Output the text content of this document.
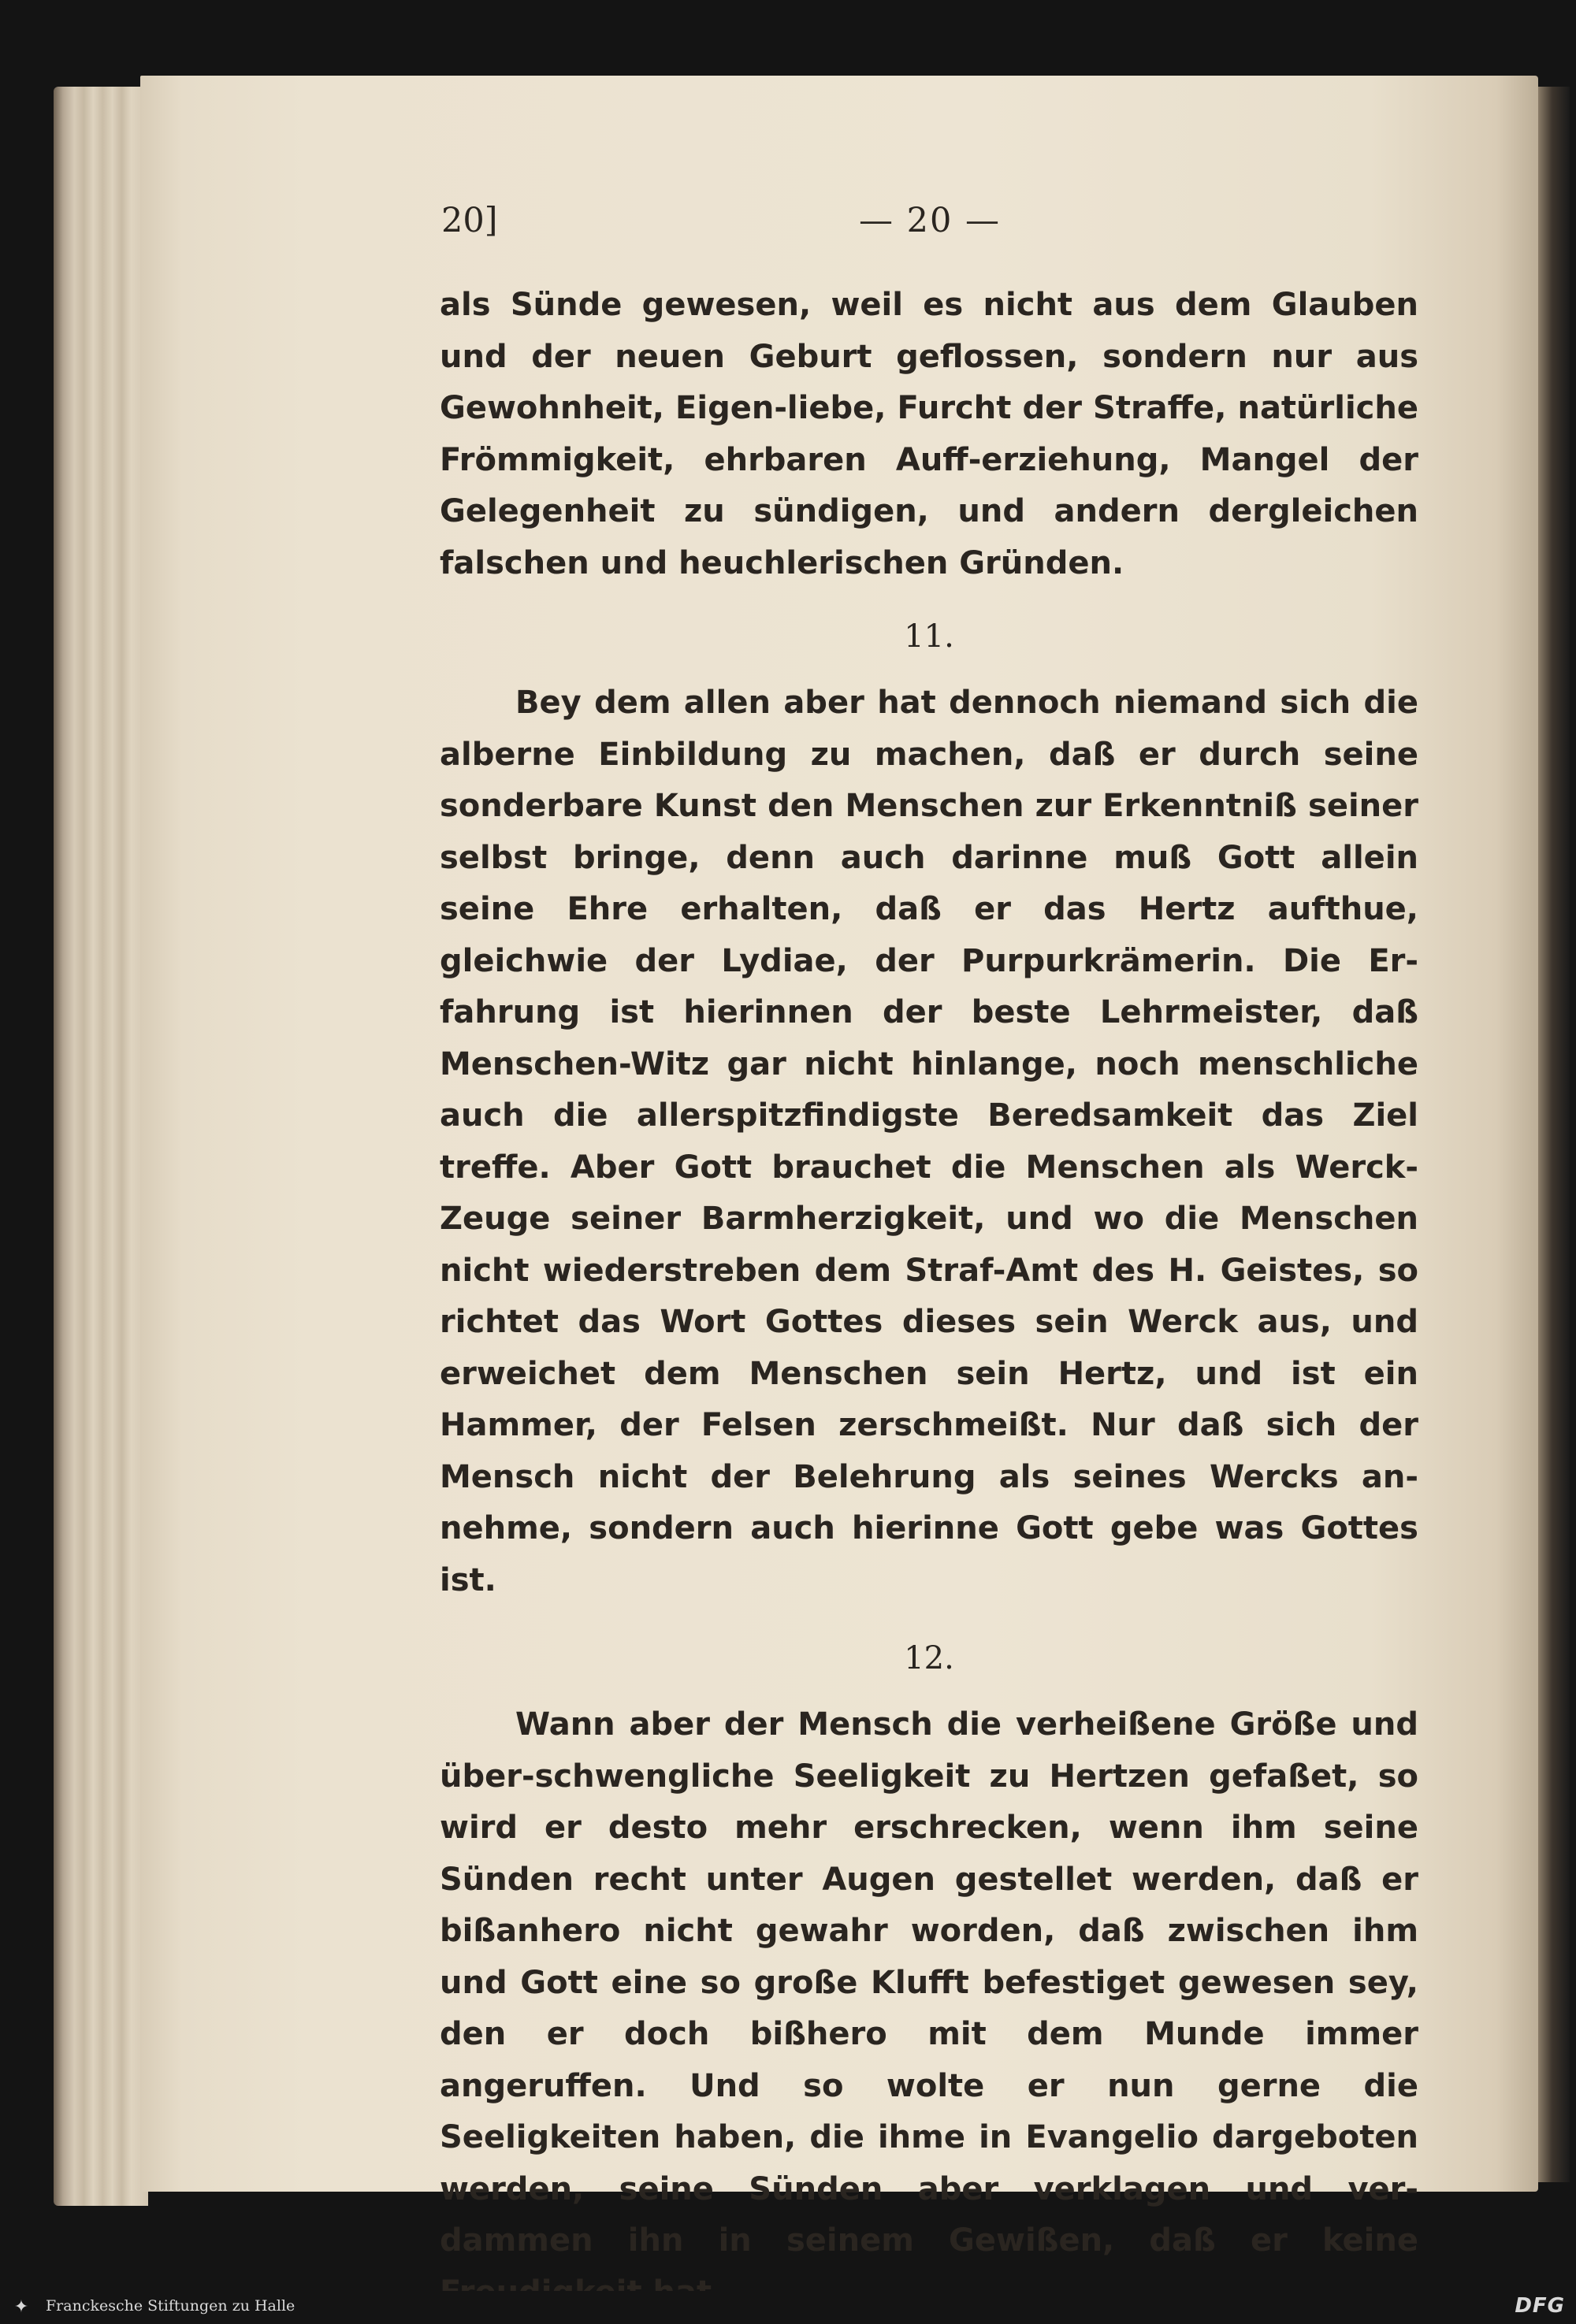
20]	— 20 —

als Sünde gewesen, weil es nicht aus dem Glauben und der neuen Geburt geflossen, sondern nur aus Gewohnheit, Eigen-liebe, Furcht der Straffe, natürliche Frömmigkeit, ehrbaren Auff-erziehung, Mangel der Gelegenheit zu sündigen, und andern dergleichen falschen und heuchlerischen Gründen.

11.

Bey dem allen aber hat dennoch niemand sich die alberne Einbildung zu machen, daß er durch seine sonderbare Kunst den Menschen zur Erkenntniß seiner selbst bringe, denn auch darinne muß Gott allein seine Ehre erhalten, daß er das Hertz aufthue, gleichwie der Lydiae, der Purpurkrämerin. Die Er-fahrung ist hierinnen der beste Lehrmeister, daß Menschen-Witz gar nicht hinlange, noch menschliche auch die allerspitzfindigste Beredsamkeit das Ziel treffe. Aber Gott brauchet die Menschen als Werck-Zeuge seiner Barmherzigkeit, und wo die Menschen nicht wiederstreben dem Straf-Amt des H. Geistes, so richtet das Wort Gottes dieses sein Werck aus, und erweichet dem Menschen sein Hertz, und ist ein Hammer, der Felsen zerschmeißt. Nur daß sich der Mensch nicht der Belehrung als seines Wercks an-nehme, sondern auch hierinne Gott gebe was Gottes ist.

12.

Wann aber der Mensch die verheißene Größe und über-schwengliche Seeligkeit zu Hertzen gefaßet, so wird er desto mehr erschrecken, wenn ihm seine Sünden recht unter Augen gestellet werden, daß er bißanhero nicht gewahr worden, daß zwischen ihm und Gott eine so große Klufft befestiget gewesen sey, den er doch bißhero mit dem Munde immer angeruffen. Und so wolte er nun gerne die Seeligkeiten haben, die ihme in Evangelio dargeboten werden, seine Sünden aber verklagen und ver-dammen ihn in seinem Gewißen, daß er keine

✦	Franckesche Stiftungen zu Halle	DFG
